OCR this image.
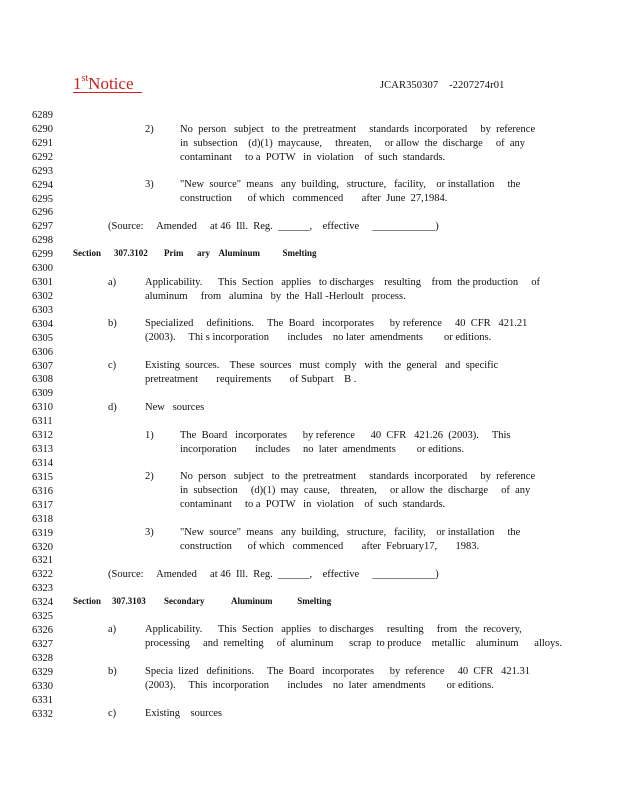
1stNotice	JCAR350307    -2207274r01
6289
6290
6291
6292
6293
6294
6295
6296
6297
6298
6299
6300
6301
6302
6303
6304
6305
6306
6307
6308
6309
6310
6311
6312
6313
6314
6315
6316
6317
6318
6319
6320
6321
6322
6323
6324
6325
6326
6327
6328
6329
6330
6331
6332
2)	No  person   subject   to  the  pretreatment     standards  incorporated     by  reference
in  subsection    (d)(1)  maycause,     threaten,     or allow  the  discharge     of  any
contaminant     to a  POTW   in  violation    of  such  standards.
3)	"New  source"  means   any  building,   structure,   facility,    or installation     the
construction      of which   commenced       after  June  27,1984.
(Source:     Amended     at 46  Ill.  Reg.  ______,    effective     ____________)
Section 307.3102 Prim      ary    Aluminum          Smelting
a)	Applicability.      This  Section   applies   to discharges    resulting    from  the production     of
aluminum     from   alumina   by  the  Hall -Herloult   process.
b)	Specialized     definitions.     The  Board   incorporates      by reference     40  CFR   421.21
(2003).     Thi s incorporation       includes    no later  amendments        or editions.
c)	Existing  sources.    These  sources   must  comply   with  the  general   and  specific
pretreatment       requirements       of Subpart    B .
d)	New   sources
1)	The  Board   incorporates      by reference      40  CFR   421.26  (2003).     This
incorporation       includes     no  later  amendments        or editions.
2)	No  person   subject   to  the  pretreatment     standards  incorporated     by  reference
in  subsection     (d)(1)  may  cause,    threaten,     or allow  the  discharge     of  any
contaminant     to a  POTW   in  violation    of  such  standards.
3)	"New  source"  means   any  building,   structure,   facility,    or installation     the
construction      of which   commenced       after  February17,       1983.
(Source:     Amended     at 46  Ill.  Reg.  ______,    effective     ____________)
Section 307.3103 Secondary            Aluminum           Smelting
a)	Applicability.      This  Section   applies   to discharges     resulting     from   the  recovery,
processing     and  remelting     of  aluminum      scrap  to produce    metallic    aluminum      alloys.
b)	Specia  lized   definitions.     The  Board   incorporates      by  reference     40  CFR   421.31
(2003).     This  incorporation       includes    no  later  amendments        or editions.
c)	Existing    sources
